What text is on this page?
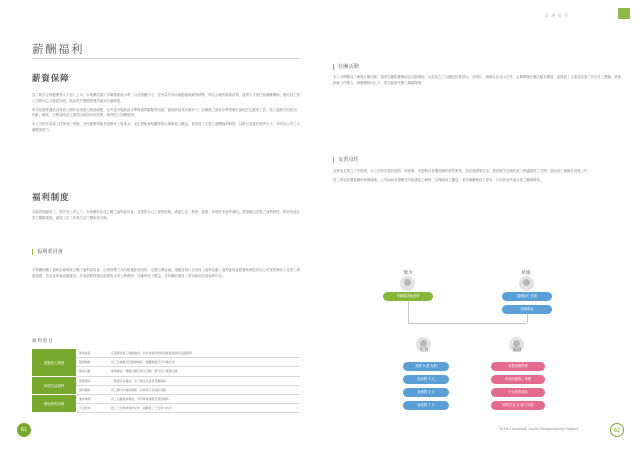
薪酬福利
薪資保障

為了吸引並保護優秀人才加入公司，本集團依循工作職業薪資水準，以及相關法令，並考量外部市場動態與競爭情勢，制定合理的薪資政策，落實人才留任與激勵機制，強化員工對公司的向心力與認同感，進而提升整體營運效能與永續發展。

每年依據營運狀況與員工績效表現進行薪資調整，並考量市場薪資水準與通貨膨脹等因素，確保薪資具有競爭力。各職級之薪資水準皆優於當地法定最低工資，員工起薪不因性別、年齡、種族、宗教或政治立場等因素而有所差異，落實同工同酬原則。

本公司依法為員工投保勞工保險、全民健康保險及提撥勞工退休金，並定期檢視相關制度以保障員工權益，提供員工完善之薪酬福利制度，以吸引並留任優秀人才，共同為公司之永續發展努力。

福利制度
為落實照顧員工，提升員工向心力，本集團依法成立職工福利委員會，並提供多元之福利措施，涵蓋生活、教育、健康、休閒及家庭等面向，期望藉由完善之福利制度，營造幸福友善之職場環境，讓員工在工作與生活之間取得平衡。
福利委員會
本集團依職工福利金條例成立職工福利委員會，由勞資雙方共同推選委員組成，定期召開會議，規劃並執行各項員工福利活動，福利委員會經費來源依法由公司按營業收入及員工薪資提撥，並由委員會統籌運用，各項福利措施及經費收支皆公開透明，以確保員工權益，並持續依據員工需求檢討改善福利內容。
福利項目
照顧員工健康	健康檢查	定期提供員工健康檢查，並依檢查結果提供健康諮詢及追蹤服務
	醫療補助	員工及眷屬住院醫療補助、團體保險及意外險投保
	健康活動	健康講座、運動社團及健走活動，提升員工健康意識
休閒生活福利	節慶禮品	三節禮金或禮品、生日禮金及婚喪喜慶補助
	旅遊補助	員工國內外旅遊補助、年終尾牙及摸彩活動
優化教育訓練	進修補助	員工在職進修補助、外部專業課程及證照補助
	子女教育	員工子女教育獎助學金，鼓勵員工子女努力向學
61
薪酬福利
社團活動
本公司鼓勵員工參與社團活動，提供社團經費補助及活動場地，目前成立之社團包括籃球社、羽球社、瑜珈社及登山社等，定期舉辦社團活動及聯誼，促進員工交流並培養工作以外之興趣，進而紓解工作壓力，凝聚團隊向心力，營造健康快樂之職場環境。
友善母性

為營造友善之工作環境，本公司依法提供產假、陪產假、安胎假及育嬰留職停薪等假別，並設置哺集乳室，提供懷孕及哺乳員工舒適隱密之空間，協助員工兼顧家庭與工作。

員工申請育嬰留職停薪期滿後，公司協助其復職並安排適當之職務，以保障員工權益，並持續關懷員工需求，共同營造幸福友善之職場環境。

懷孕	結婚
孕婦健康檢查假	婚假8天 有薪
結婚禮金
生育	家庭
產假 8 週 有薪
陪產假 7 天
產檢假 5 天
流產假 7 天
育嬰留職停薪
家庭照顧假 / 事假
子女教育補助
哺集乳室 & 親子活動
2018 Corporate Social Responsibility Report	62
